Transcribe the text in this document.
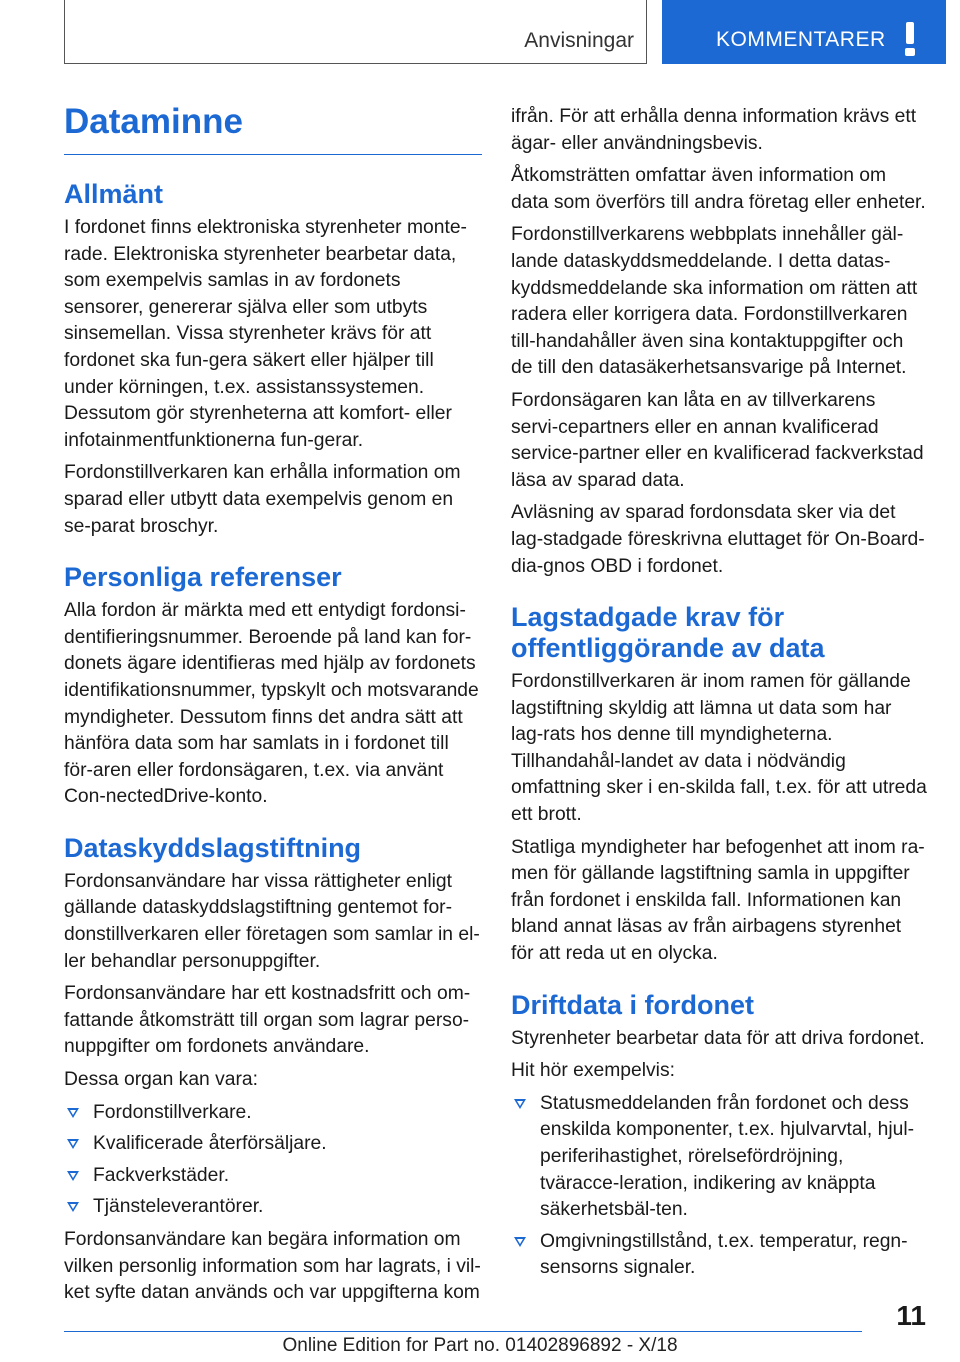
Anvisningar	KOMMENTARER
Dataminne
Allmänt

I fordonet finns elektroniska styrenheter monte-rade. Elektroniska styrenheter bearbetar data, som exempelvis samlas in av fordonets sensorer, genererar själva eller som utbyts sinsemellan. Vissa styrenheter krävs för att fordonet ska fun-gera säkert eller hjälper till under körningen, t.ex. assistanssystemen. Dessutom gör styrenheterna att komfort- eller infotainmentfunktionerna fun-gerar.

Fordonstillverkaren kan erhålla information om sparad eller utbytt data exempelvis genom en se-parat broschyr.

Personliga referenser

Alla fordon är märkta med ett entydigt fordonsi-dentifieringsnummer. Beroende på land kan for-donets ägare identifieras med hjälp av fordonets identifikationsnummer, typskylt och motsvarande myndigheter. Dessutom finns det andra sätt att hänföra data som har samlats in i fordonet till för-aren eller fordonsägaren, t.ex. via använt Con-nectedDrive-konto.

Dataskyddslagstiftning

Fordonsanvändare har vissa rättigheter enligt gällande dataskyddslagstiftning gentemot for-donstillverkaren eller företagen som samlar in el-ler behandlar personuppgifter.

Fordonsanvändare har ett kostnadsfritt och om-fattande åtkomsträtt till organ som lagrar perso-nuppgifter om fordonets användare.

Dessa organ kan vara:

Fordonstillverkare.
Kvalificerade återförsäljare.
Fackverkstäder.
Tjänsteleverantörer.

Fordonsanvändare kan begära information om vilken personlig information som har lagrats, i vil-ket syfte datan används och var uppgifterna kom

ifrån. För att erhålla denna information krävs ett ägar- eller användningsbevis.

Åtkomsträtten omfattar även information om data som överförs till andra företag eller enheter.

Fordonstillverkarens webbplats innehåller gäl-lande dataskyddsmeddelande. I detta datas-kyddsmeddelande ska information om rätten att radera eller korrigera data. Fordonstillverkaren till-handahåller även sina kontaktuppgifter och de till den datasäkerhetsansvarige på Internet.

Fordonsägaren kan låta en av tillverkarens servi-cepartners eller en annan kvalificerad service-partner eller en kvalificerad fackverkstad läsa av sparad data.

Avläsning av sparad fordonsdata sker via det lag-stadgade föreskrivna eluttaget för On-Board-dia-gnos OBD i fordonet.

Lagstadgade krav för offentliggörande av data

Fordonstillverkaren är inom ramen för gällande lagstiftning skyldig att lämna ut data som har lag-rats hos denne till myndigheterna. Tillhandahål-landet av data i nödvändig omfattning sker i en-skilda fall, t.ex. för att utreda ett brott.

Statliga myndigheter har befogenhet att inom ra-men för gällande lagstiftning samla in uppgifter från fordonet i enskilda fall. Informationen kan bland annat läsas av från airbagens styrenhet för att reda ut en olycka.

Driftdata i fordonet

Styrenheter bearbetar data för att driva fordonet.

Hit hör exempelvis:

Statusmeddelanden från fordonet och dess enskilda komponenter, t.ex. hjulvarvtal, hjul-periferihastighet, rörelsefördröjning, tväracce-leration, indikering av knäppta säkerhetsbäl-ten.
Omgivningstillstånd, t.ex. temperatur, regn-sensorns signaler.
11
Online Edition for Part no. 01402896892 - X/18
